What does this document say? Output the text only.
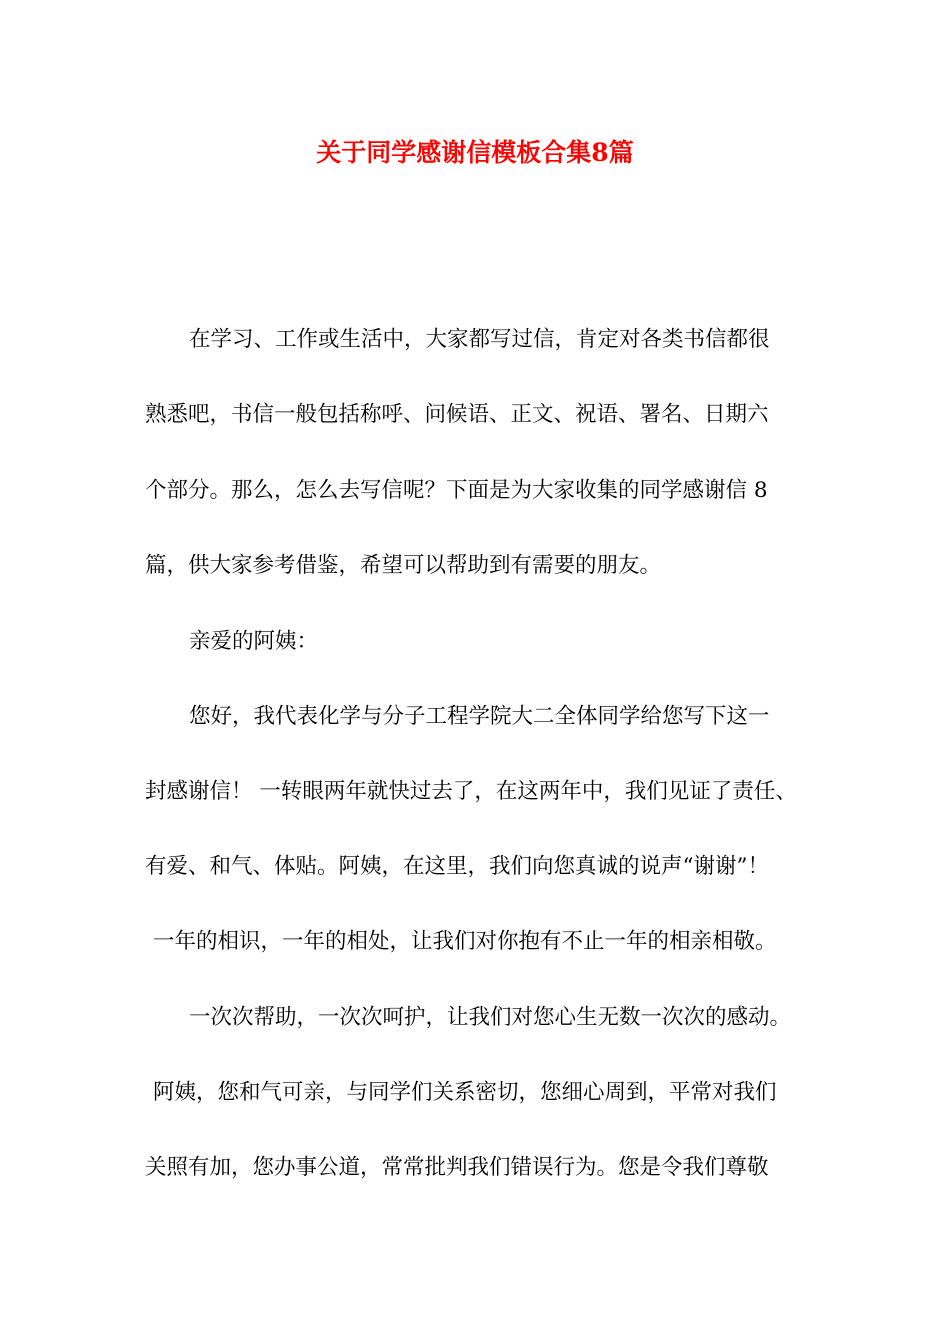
关于同学感谢信模板合集8篇

在学习、工作或生活中，大家都写过信，肯定对各类书信都很

熟悉吧，书信一般包括称呼、问候语、正文、祝语、署名、日期六

个部分。那么，怎么去写信呢？下面是为大家收集的同学感谢信 8

篇，供大家参考借鉴，希望可以帮助到有需要的朋友。

亲爱的阿姨：

您好，我代表化学与分子工程学院大二全体同学给您写下这一

封感谢信！ 一转眼两年就快过去了，在这两年中，我们见证了责任、

有爱、和气、体贴。阿姨，在这里，我们向您真诚的说声“谢谢”！

一年的相识，一年的相处，让我们对你抱有不止一年的相亲相敬。

一次次帮助，一次次呵护，让我们对您心生无数一次次的感动。

阿姨，您和气可亲，与同学们关系密切，您细心周到，平常对我们

关照有加，您办事公道，常常批判我们错误行为。您是令我们尊敬
